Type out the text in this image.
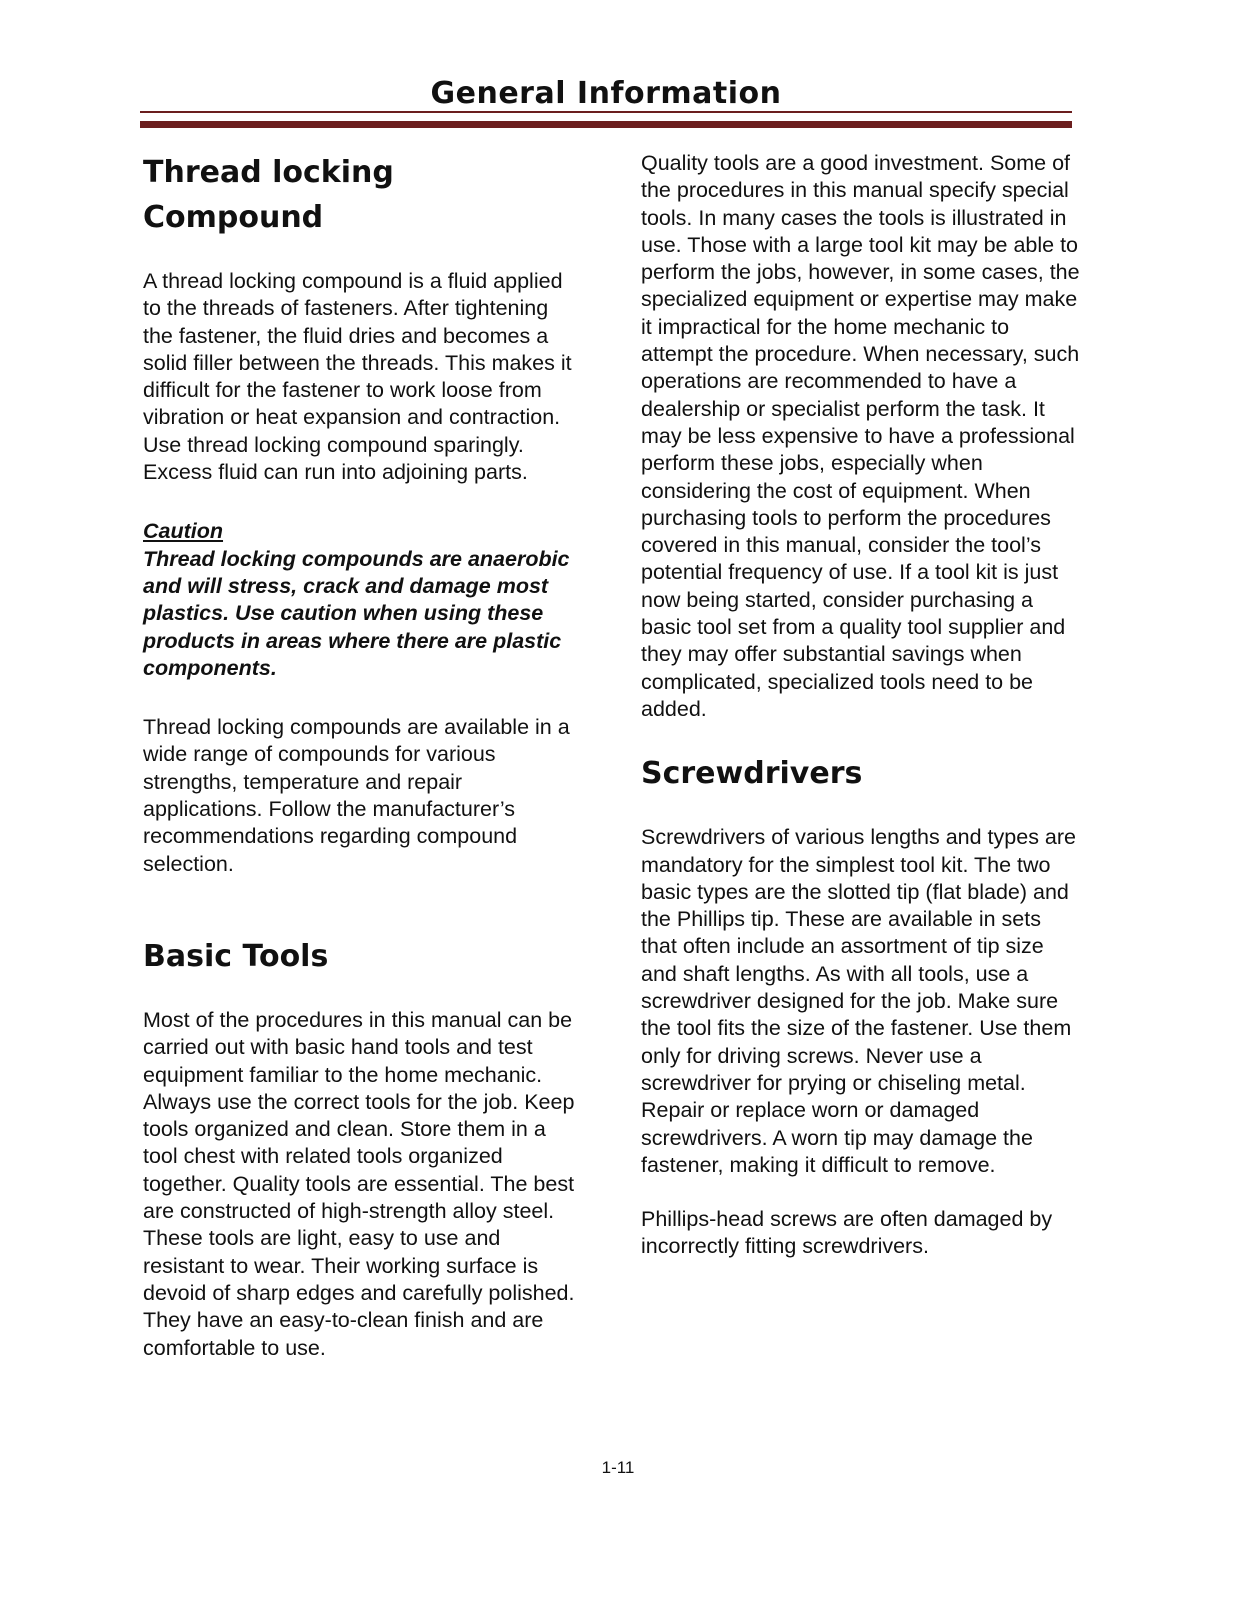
General Information
Thread locking
Compound

A thread locking compound is a fluid applied to the threads of fasteners. After tightening the fastener, the fluid dries and becomes a solid filler between the threads. This makes it difficult for the fastener to work loose from vibration or heat expansion and contraction. Use thread locking compound sparingly. Excess fluid can run into adjoining parts.

Caution

Thread locking compounds are anaerobic and will stress, crack and damage most plastics. Use caution when using these products in areas where there are plastic components.

Thread locking compounds are available in a wide range of compounds for various strengths, temperature and repair applications. Follow the manufacturer’s recommendations regarding compound selection.

Basic Tools

Most of the procedures in this manual can be carried out with basic hand tools and test equipment familiar to the home mechanic. Always use the correct tools for the job. Keep tools organized and clean. Store them in a tool chest with related tools organized together. Quality tools are essential. The best are constructed of high-strength alloy steel. These tools are light, easy to use and resistant to wear. Their working surface is devoid of sharp edges and carefully polished. They have an easy-to-clean finish and are comfortable to use.

Quality tools are a good investment. Some of the procedures in this manual specify special tools. In many cases the tools is illustrated in use. Those with a large tool kit may be able to perform the jobs, however, in some cases, the specialized equipment or expertise may make it impractical for the home mechanic to attempt the procedure. When necessary, such operations are recommended to have a dealership or specialist perform the task. It may be less expensive to have a professional perform these jobs, especially when considering the cost of equipment. When purchasing tools to perform the procedures covered in this manual, consider the tool’s potential frequency of use. If a tool kit is just now being started, consider purchasing a basic tool set from a quality tool supplier and they may offer substantial savings when complicated, specialized tools need to be added.

Screwdrivers

Screwdrivers of various lengths and types are mandatory for the simplest tool kit. The two basic types are the slotted tip (flat blade) and the Phillips tip. These are available in sets that often include an assortment of tip size and shaft lengths. As with all tools, use a screwdriver designed for the job. Make sure the tool fits the size of the fastener. Use them only for driving screws. Never use a screwdriver for prying or chiseling metal. Repair or replace worn or damaged screwdrivers. A worn tip may damage the fastener, making it difficult to remove.

Phillips-head screws are often damaged by incorrectly fitting screwdrivers.

1-11
